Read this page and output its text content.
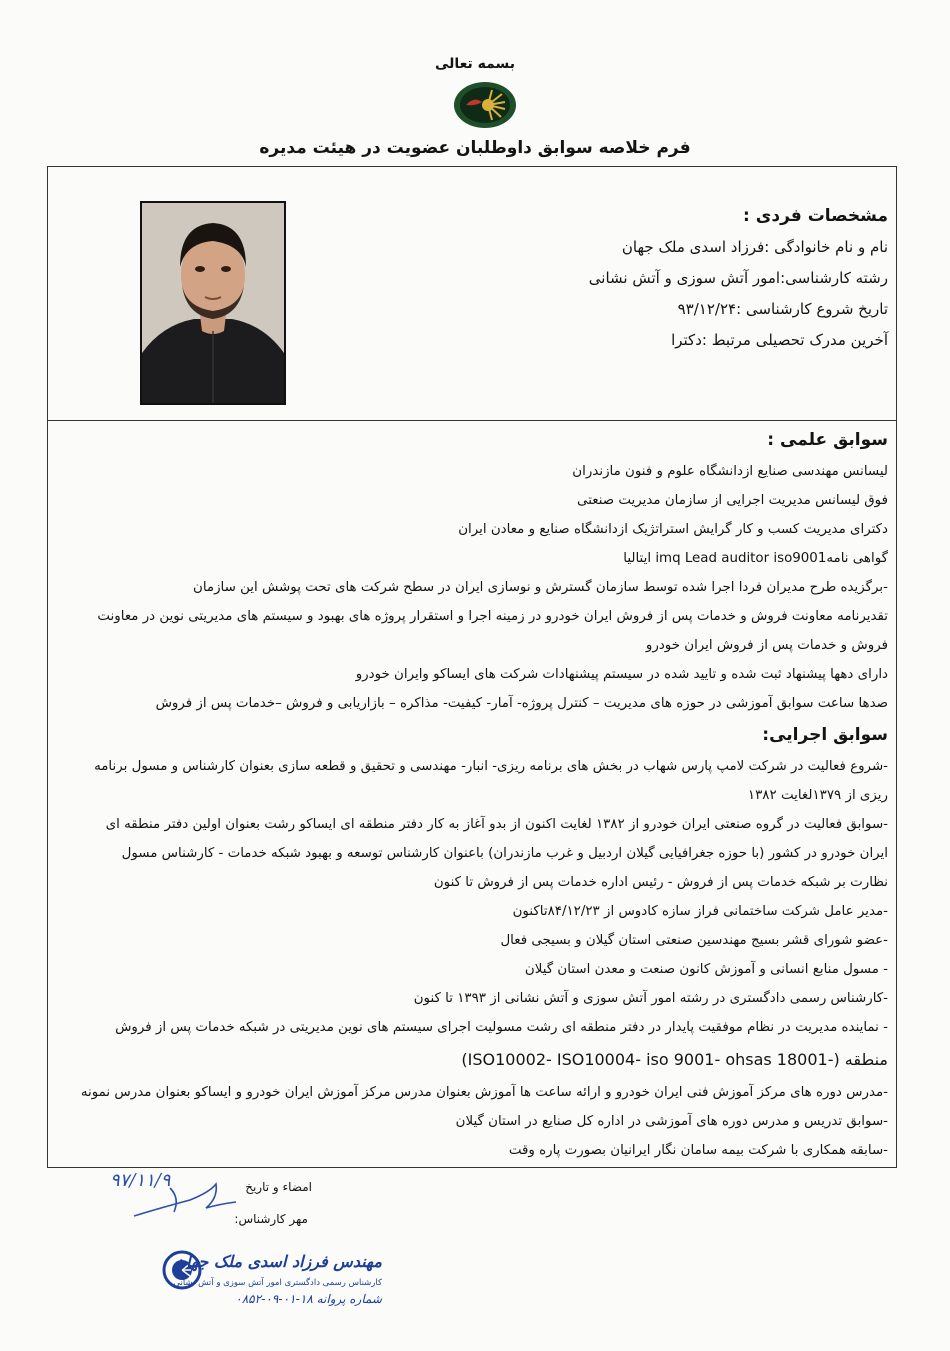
بسمه تعالی
فرم خلاصه سوابق داوطلبان عضویت در هیئت مدیره
مشخصات فردی :
نام و نام خانوادگی :فرزاد اسدی ملک جهان
رشته کارشناسی:امور آتش سوزی و آتش نشانی
تاریخ شروع کارشناسی :۹۳/۱۲/۲۴
آخرین مدرک تحصیلی مرتبط :دکترا
سوابق علمی :
لیسانس مهندسی صنایع ازدانشگاه علوم و فنون مازندران
فوق لیسانس مدیریت اجرایی از سازمان مدیریت صنعتی
دکترای مدیریت کسب و کار گرایش استراتژیک ازدانشگاه صنایع و معادن ایران
گواهی نامهimq Lead auditor iso9001 ایتالیا
-برگزیده طرح مدیران فردا اجرا شده توسط سازمان گسترش و نوسازی ایران در سطح شرکت های تحت پوشش این سازمان
تقدیرنامه معاونت فروش و خدمات پس از فروش ایران خودرو در زمینه اجرا و استقرار پروژه های بهبود و سیستم های مدیریتی نوین در معاونت
فروش و خدمات پس از فروش ایران خودرو
دارای دهها پیشنهاد ثبت شده و تایید شده در سیستم پیشنهادات شرکت های ایساکو وایران خودرو
صدها ساعت سوابق آموزشی در حوزه های مدیریت – کنترل پروژه- آمار- کیفیت- مذاکره – بازاریابی و فروش –خدمات پس از فروش
سوابق اجرایی:
-شروع فعالیت در شرکت لامپ پارس شهاب در بخش های برنامه ریزی- انبار- مهندسی و تحقیق و قطعه سازی بعنوان کارشناس و مسول برنامه
ریزی از ۱۳۷۹لغایت ۱۳۸۲
-سوابق فعالیت در گروه صنعتی ایران خودرو از ۱۳۸۲ لغایت اکنون از بدو آغاز به کار دفتر منطقه ای ایساکو رشت بعنوان اولین دفتر منطقه ای
ایران خودرو در کشور (با حوزه جغرافیایی گیلان اردبیل و غرب مازندران) باعنوان کارشناس توسعه و بهبود شبکه خدمات - کارشناس مسول
نظارت بر شبکه خدمات پس از فروش - رئیس اداره خدمات پس از فروش تا کنون
-مدیر عامل شرکت ساختمانی فراز سازه کادوس از ۸۴/۱۲/۲۳تاکنون
-عضو شورای قشر بسیج مهندسین صنعتی استان گیلان و بسیجی فعال
- مسول منابع انسانی و آموزش کانون صنعت و معدن استان گیلان
-کارشناس رسمی دادگستری در رشته امور آتش سوزی و آتش نشانی از ۱۳۹۳ تا کنون
- نماینده مدیریت در نظام موفقیت پایدار در دفتر منطقه ای رشت مسولیت اجرای سیستم های نوین مدیریتی در شبکه خدمات پس از فروش
منطقه (-ISO10002- ISO10004- iso 9001- ohsas 18001)
-مدرس دوره های مرکز آموزش فنی ایران خودرو و ارائه ساعت ها آموزش بعنوان مدرس مرکز آموزش ایران خودرو و ایساکو بعنوان مدرس نمونه
-سوابق تدریس و مدرس دوره های آموزشی در اداره کل صنایع در استان گیلان
-سابقه همکاری با شرکت بیمه سامان نگار ایرانیان بصورت پاره وقت
امضاء و تاریخ
مهر کارشناس:
۹۷/۱۱/۹
مهندس فرزاد اسدی ملک جهان
کارشناس رسمی دادگستری امور آتش سوزی و آتش نشانی
شماره پروانه ۱۸-۰۱-۰۹-۰۸۵۲
